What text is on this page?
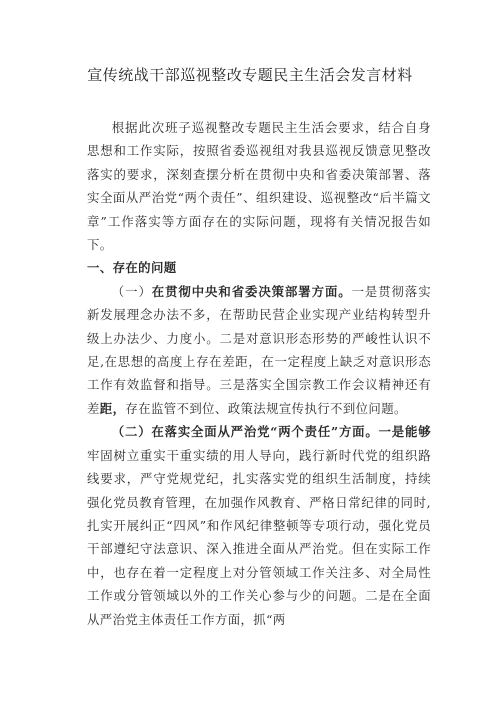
宣传统战干部巡视整改专题民主生活会发言材料

根据此次班子巡视整改专题民主生活会要求，结合自身思想和工作实际，按照省委巡视组对我县巡视反馈意见整改落实的要求，深刻查摆分析在贯彻中央和省委决策部署、落实全面从严治党“两个责任”、组织建设、巡视整改“后半篇文章”工作落实等方面存在的实际问题，现将有关情况报告如下。

一、存在的问题

（一）在贯彻中央和省委决策部署方面。一是贯彻落实新发展理念办法不多，在帮助民营企业实现产业结构转型升级上办法少、力度小。二是对意识形态形势的严峻性认识不足,在思想的高度上存在差距，在一定程度上缺乏对意识形态工作有效监督和指导。三是落实全国宗教工作会议精神还有差距，存在监管不到位、政策法规宣传执行不到位问题。

（二）在落实全面从严治党“两个责任”方面。一是能够牢固树立重实干重实绩的用人导向，践行新时代党的组织路线要求，严守党规党纪，扎实落实党的组织生活制度，持续强化党员教育管理，在加强作风教育、严格日常纪律的同时,扎实开展纠正“四风”和作风纪律整顿等专项行动，强化党员干部遵纪守法意识、深入推进全面从严治党。但在实际工作中，也存在着一定程度上对分管领域工作关注多、对全局性工作或分管领域以外的工作关心参与少的问题。二是在全面从严治党主体责任工作方面，抓“两
